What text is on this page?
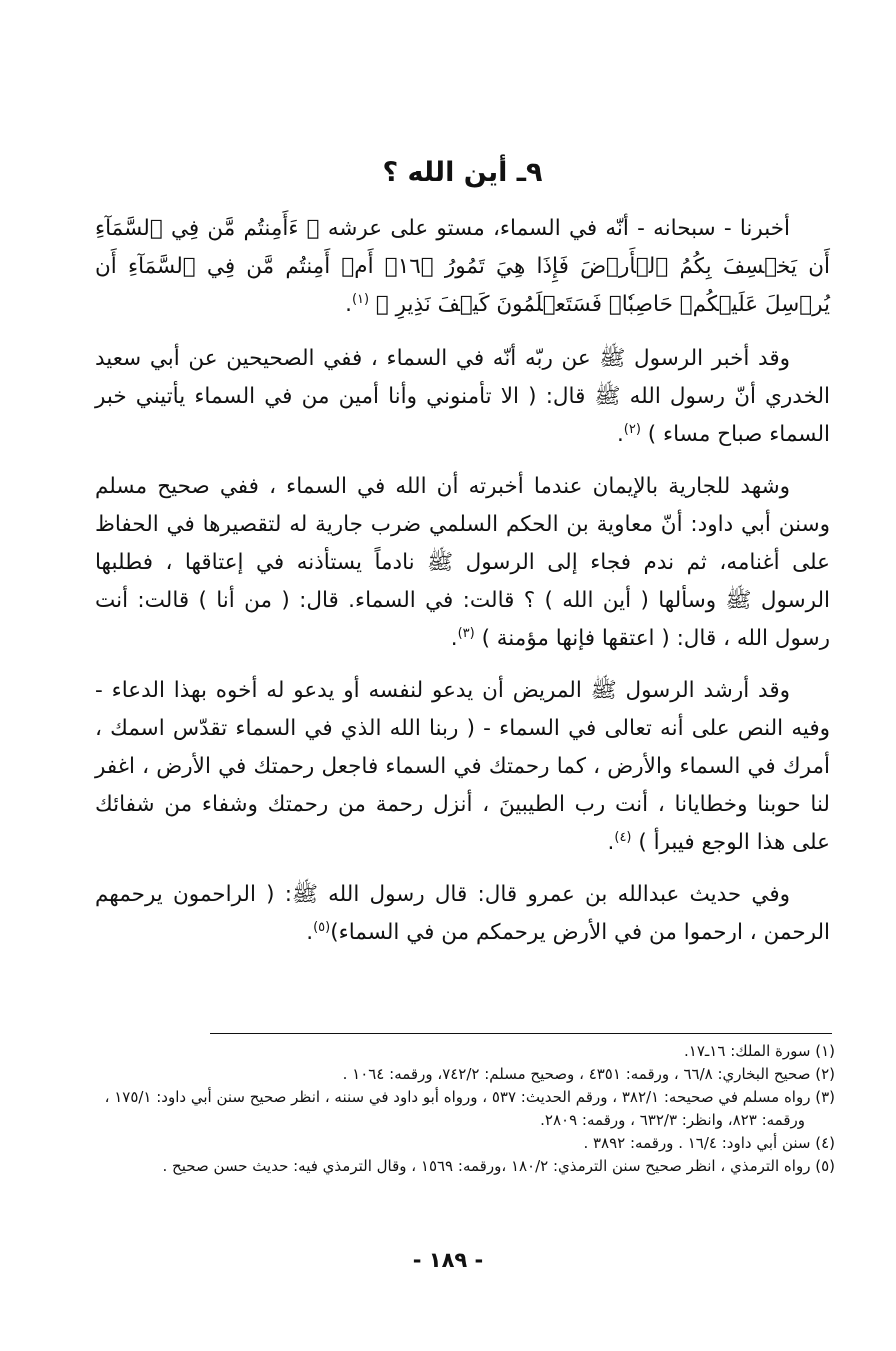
٩ـ أين الله ؟

أخبرنا - سبحانه - أنّه في السماء، مستو على عرشه ﴿ ءَأَمِنتُم مَّن فِي ٱلسَّمَآءِ أَن يَخۡسِفَ بِكُمُ ٱلۡأَرۡضَ فَإِذَا هِيَ تَمُورُ ﴿١٦﴾ أَمۡ أَمِنتُم مَّن فِي ٱلسَّمَآءِ أَن يُرۡسِلَ عَلَيۡكُمۡ حَاصِبٗاۖ فَسَتَعۡلَمُونَ كَيۡفَ نَذِيرِ ﴾ $^{(١)}$.

وقد أخبر الرسول ﷺ عن ربّه أنّه في السماء ، ففي الصحيحين عن أبي سعيد الخدري أنّ رسول الله ﷺ قال: ( الا تأمنوني وأنا أمين من في السماء يأتيني خبر السماء صباح مساء ) $^{(٢)}$.

وشهد للجارية بالإيمان عندما أخبرته أن الله في السماء ، ففي صحيح مسلم وسنن أبي داود: أنّ معاوية بن الحكم السلمي ضرب جارية له لتقصيرها في الحفاظ على أغنامه، ثم ندم فجاء إلى الرسول ﷺ نادماً يستأذنه في إعتاقها ، فطلبها الرسول ﷺ وسألها ( أين الله ) ؟ قالت: في السماء. قال: ( من أنا ) قالت: أنت رسول الله ، قال: ( اعتقها فإنها مؤمنة ) $^{(٣)}$.

وقد أرشد الرسول ﷺ المريض أن يدعو لنفسه أو يدعو له أخوه بهذا الدعاء - وفيه النص على أنه تعالى في السماء - ( ربنا الله الذي في السماء تقدّس اسمك ، أمرك في السماء والأرض ، كما رحمتك في السماء فاجعل رحمتك في الأرض ، اغفر لنا حوبنا وخطايانا ، أنت رب الطيبينَ ، أنزل رحمة من رحمتك وشفاء من شفائك على هذا الوجع فيبرأ ) $^{(٤)}$.

وفي حديث عبدالله بن عمرو قال: قال رسول الله ﷺ: ( الراحمون يرحمهم الرحمن ، ارحموا من في الأرض يرحمكم من في السماء)$^{(٥)}$.

(١) سورة الملك: ١٦ـ١٧.

(٢) صحيح البخاري: ٦٦/٨ ، ورقمه: ٤٣٥١ ، وصحيح مسلم: ٧٤٢/٢، ورقمه: ١٠٦٤ .

(٣) رواه مسلم في صحيحه: ٣٨٢/١ ، ورقم الحديث: ٥٣٧ ، ورواه أبو داود في سننه ، انظر صحيح سنن أبي داود: ١٧٥/١ ، ورقمه: ٨٢٣، وانظر: ٦٣٢/٣ ، ورقمه: ٢٨٠٩.

(٤) سنن أبي داود: ١٦/٤ . ورقمه: ٣٨٩٢ .

(٥) رواه الترمذي ، انظر صحيح سنن الترمذي: ١٨٠/٢ ،ورقمه: ١٥٦٩ ، وقال الترمذي فيه: حديث حسن صحيح .

- ١٨٩ -
